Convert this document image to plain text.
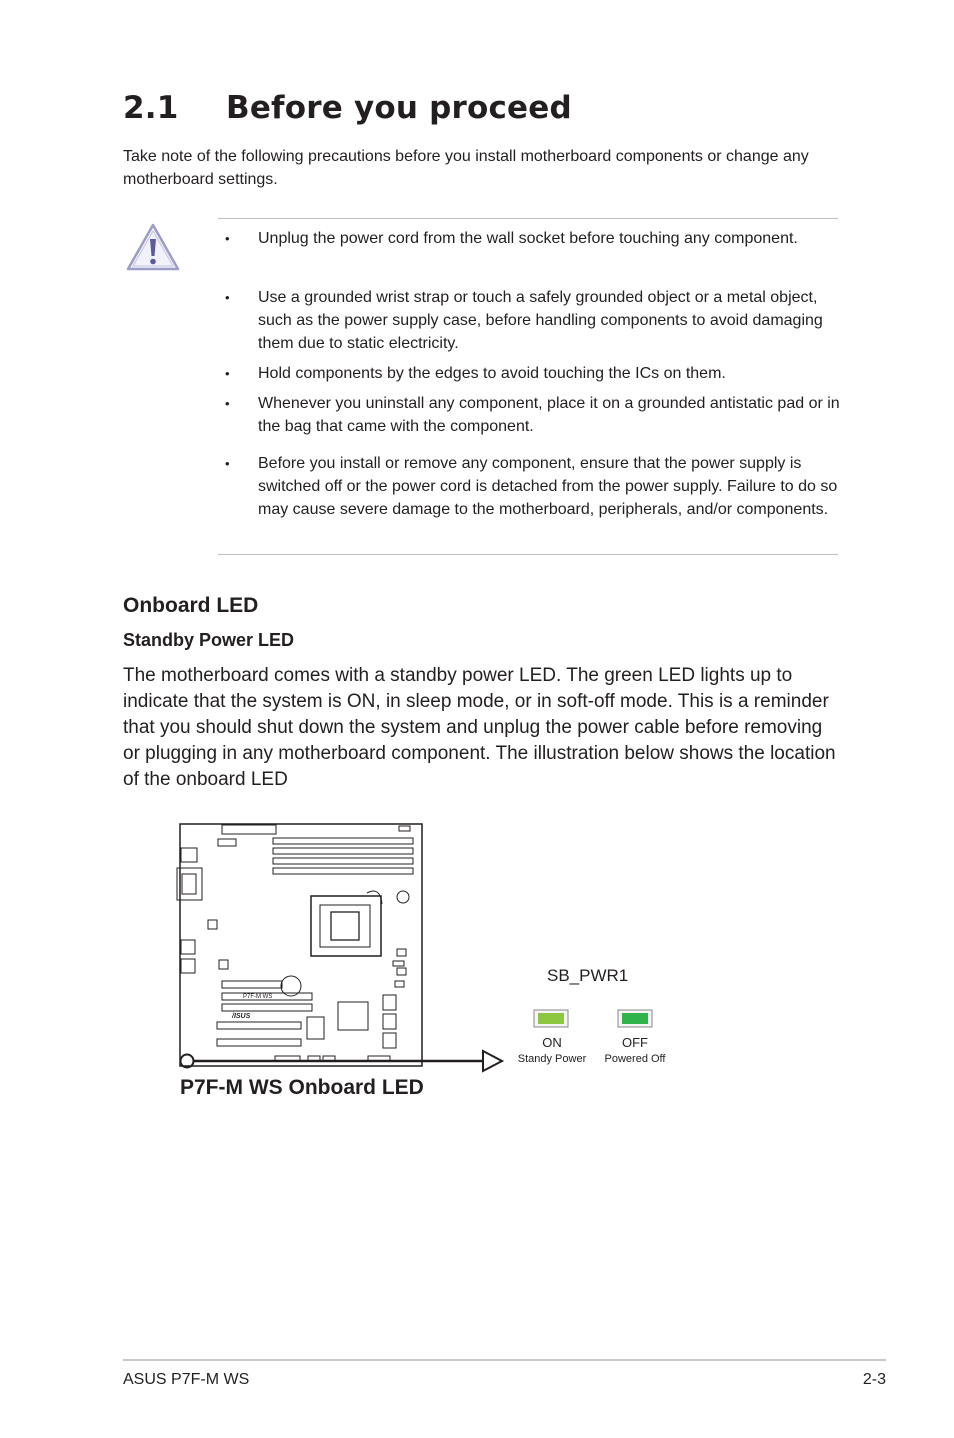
2.1 Before you proceed

Take note of the following precautions before you install motherboard components or change any motherboard settings.

• Unplug the power cord from the wall socket before touching any component.
• Use a grounded wrist strap or touch a safely grounded object or a metal object, such as the power supply case, before handling components to avoid damaging them due to static electricity.
• Hold components by the edges to avoid touching the ICs on them.
• Whenever you uninstall any component, place it on a grounded antistatic pad or in the bag that came with the component.
• Before you install or remove any component, ensure that the power supply is switched off or the power cord is detached from the power supply. Failure to do so may cause severe damage to the motherboard, peripherals, and/or components.
Onboard LED
Standby Power LED

The motherboard comes with a standby power LED. The green LED lights up to indicate that the system is ON, in sleep mode, or in soft-off mode. This is a reminder that you should shut down the system and unplug the power cable before removing or plugging in any motherboard component. The illustration below shows the location of the onboard LED

P7F-M WS
/ISUS
P7F-M WS Onboard LED
SB_PWR1
ON
Standy Power
OFF
Powered Off
ASUS P7F-M WS	2-3
